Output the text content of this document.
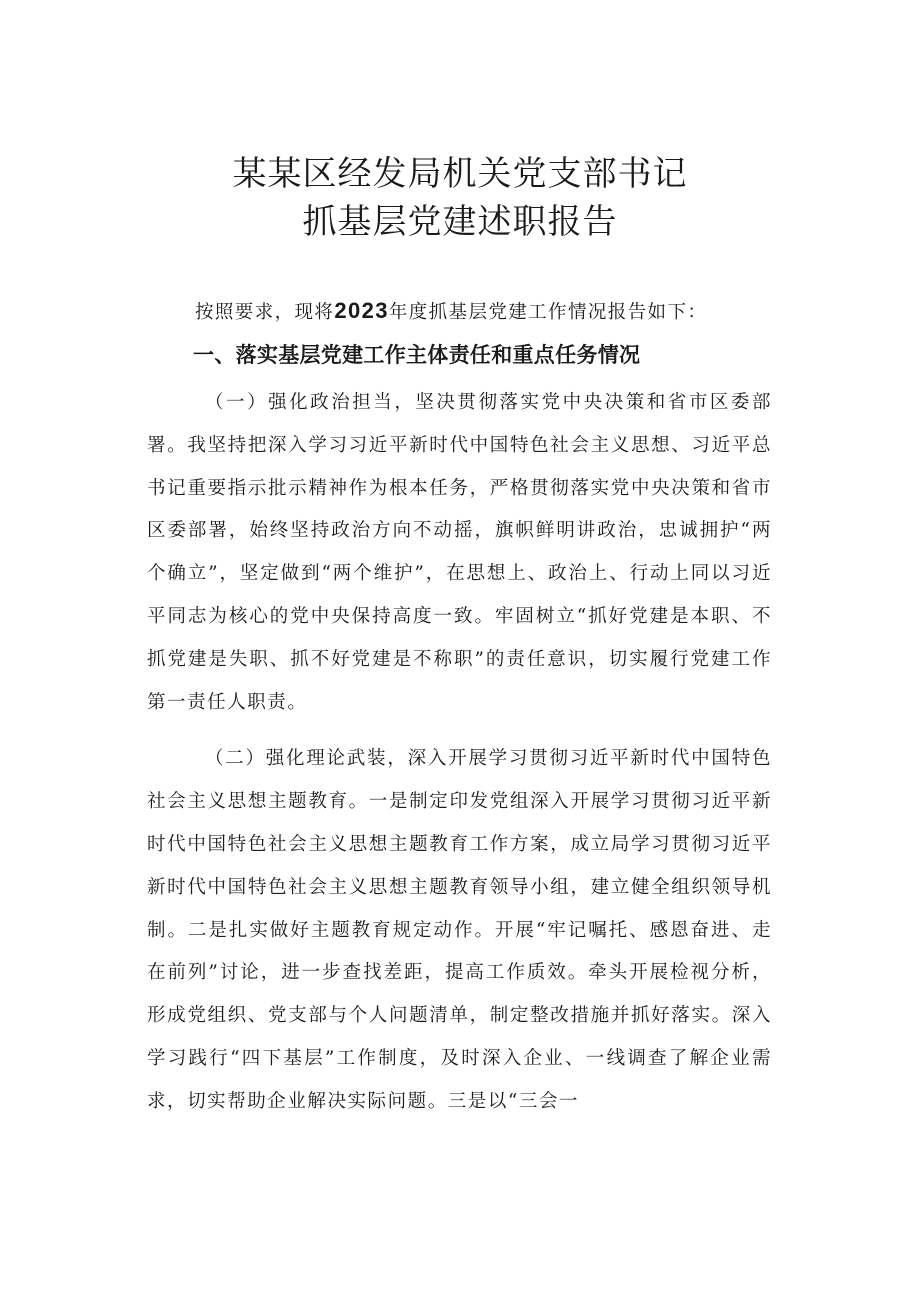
某某区经发局机关党支部书记
抓基层党建述职报告

按照要求，现将2023年度抓基层党建工作情况报告如下：

一、落实基层党建工作主体责任和重点任务情况

（一）强化政治担当，坚决贯彻落实党中央决策和省市区委部署。我坚持把深入学习习近平新时代中国特色社会主义思想、习近平总书记重要指示批示精神作为根本任务，严格贯彻落实党中央决策和省市区委部署，始终坚持政治方向不动摇，旗帜鲜明讲政治，忠诚拥护“两个确立”，坚定做到“两个维护”，在思想上、政治上、行动上同以习近平同志为核心的党中央保持高度一致。牢固树立“抓好党建是本职、不抓党建是失职、抓不好党建是不称职”的责任意识，切实履行党建工作第一责任人职责。

（二）强化理论武装，深入开展学习贯彻习近平新时代中国特色社会主义思想主题教育。一是制定印发党组深入开展学习贯彻习近平新时代中国特色社会主义思想主题教育工作方案，成立局学习贯彻习近平新时代中国特色社会主义思想主题教育领导小组，建立健全组织领导机制。二是扎实做好主题教育规定动作。开展“牢记嘱托、感恩奋进、走在前列”讨论，进一步查找差距，提高工作质效。牵头开展检视分析，形成党组织、党支部与个人问题清单，制定整改措施并抓好落实。深入学习践行“四下基层”工作制度，及时深入企业、一线调查了解企业需求，切实帮助企业解决实际问题。三是以“三会一
